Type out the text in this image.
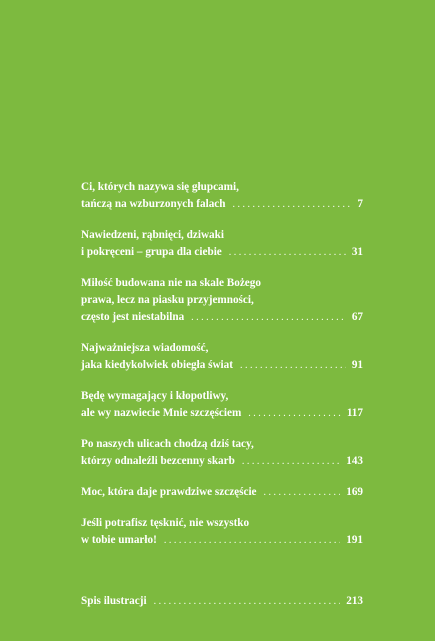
Ci, których nazywa się głupcami,
tańczą na wzburzonych falach . . .	7
Nawiedzeni, rąbnięci, dziwaki
i pokręceni – grupa dla ciebie . . .	31
Miłość budowana nie na skale Bożego
prawa, lecz na piasku przyjemności,
często jest niestabilna . . .	67
Najważniejsza wiadomość,
jaka kiedykolwiek obiegła świat . . .	91
Będę wymagający i kłopotliwy,
ale wy nazwiecie Mnie szczęściem . . .	117
Po naszych ulicach chodzą dziś tacy,
którzy odnaleźli bezcenny skarb . . .	143
Moc, która daje prawdziwe szczęście . . .	169
Jeśli potrafisz tęsknić, nie wszystko
w tobie umarło! . . .	191
Spis ilustracji . . .	213
